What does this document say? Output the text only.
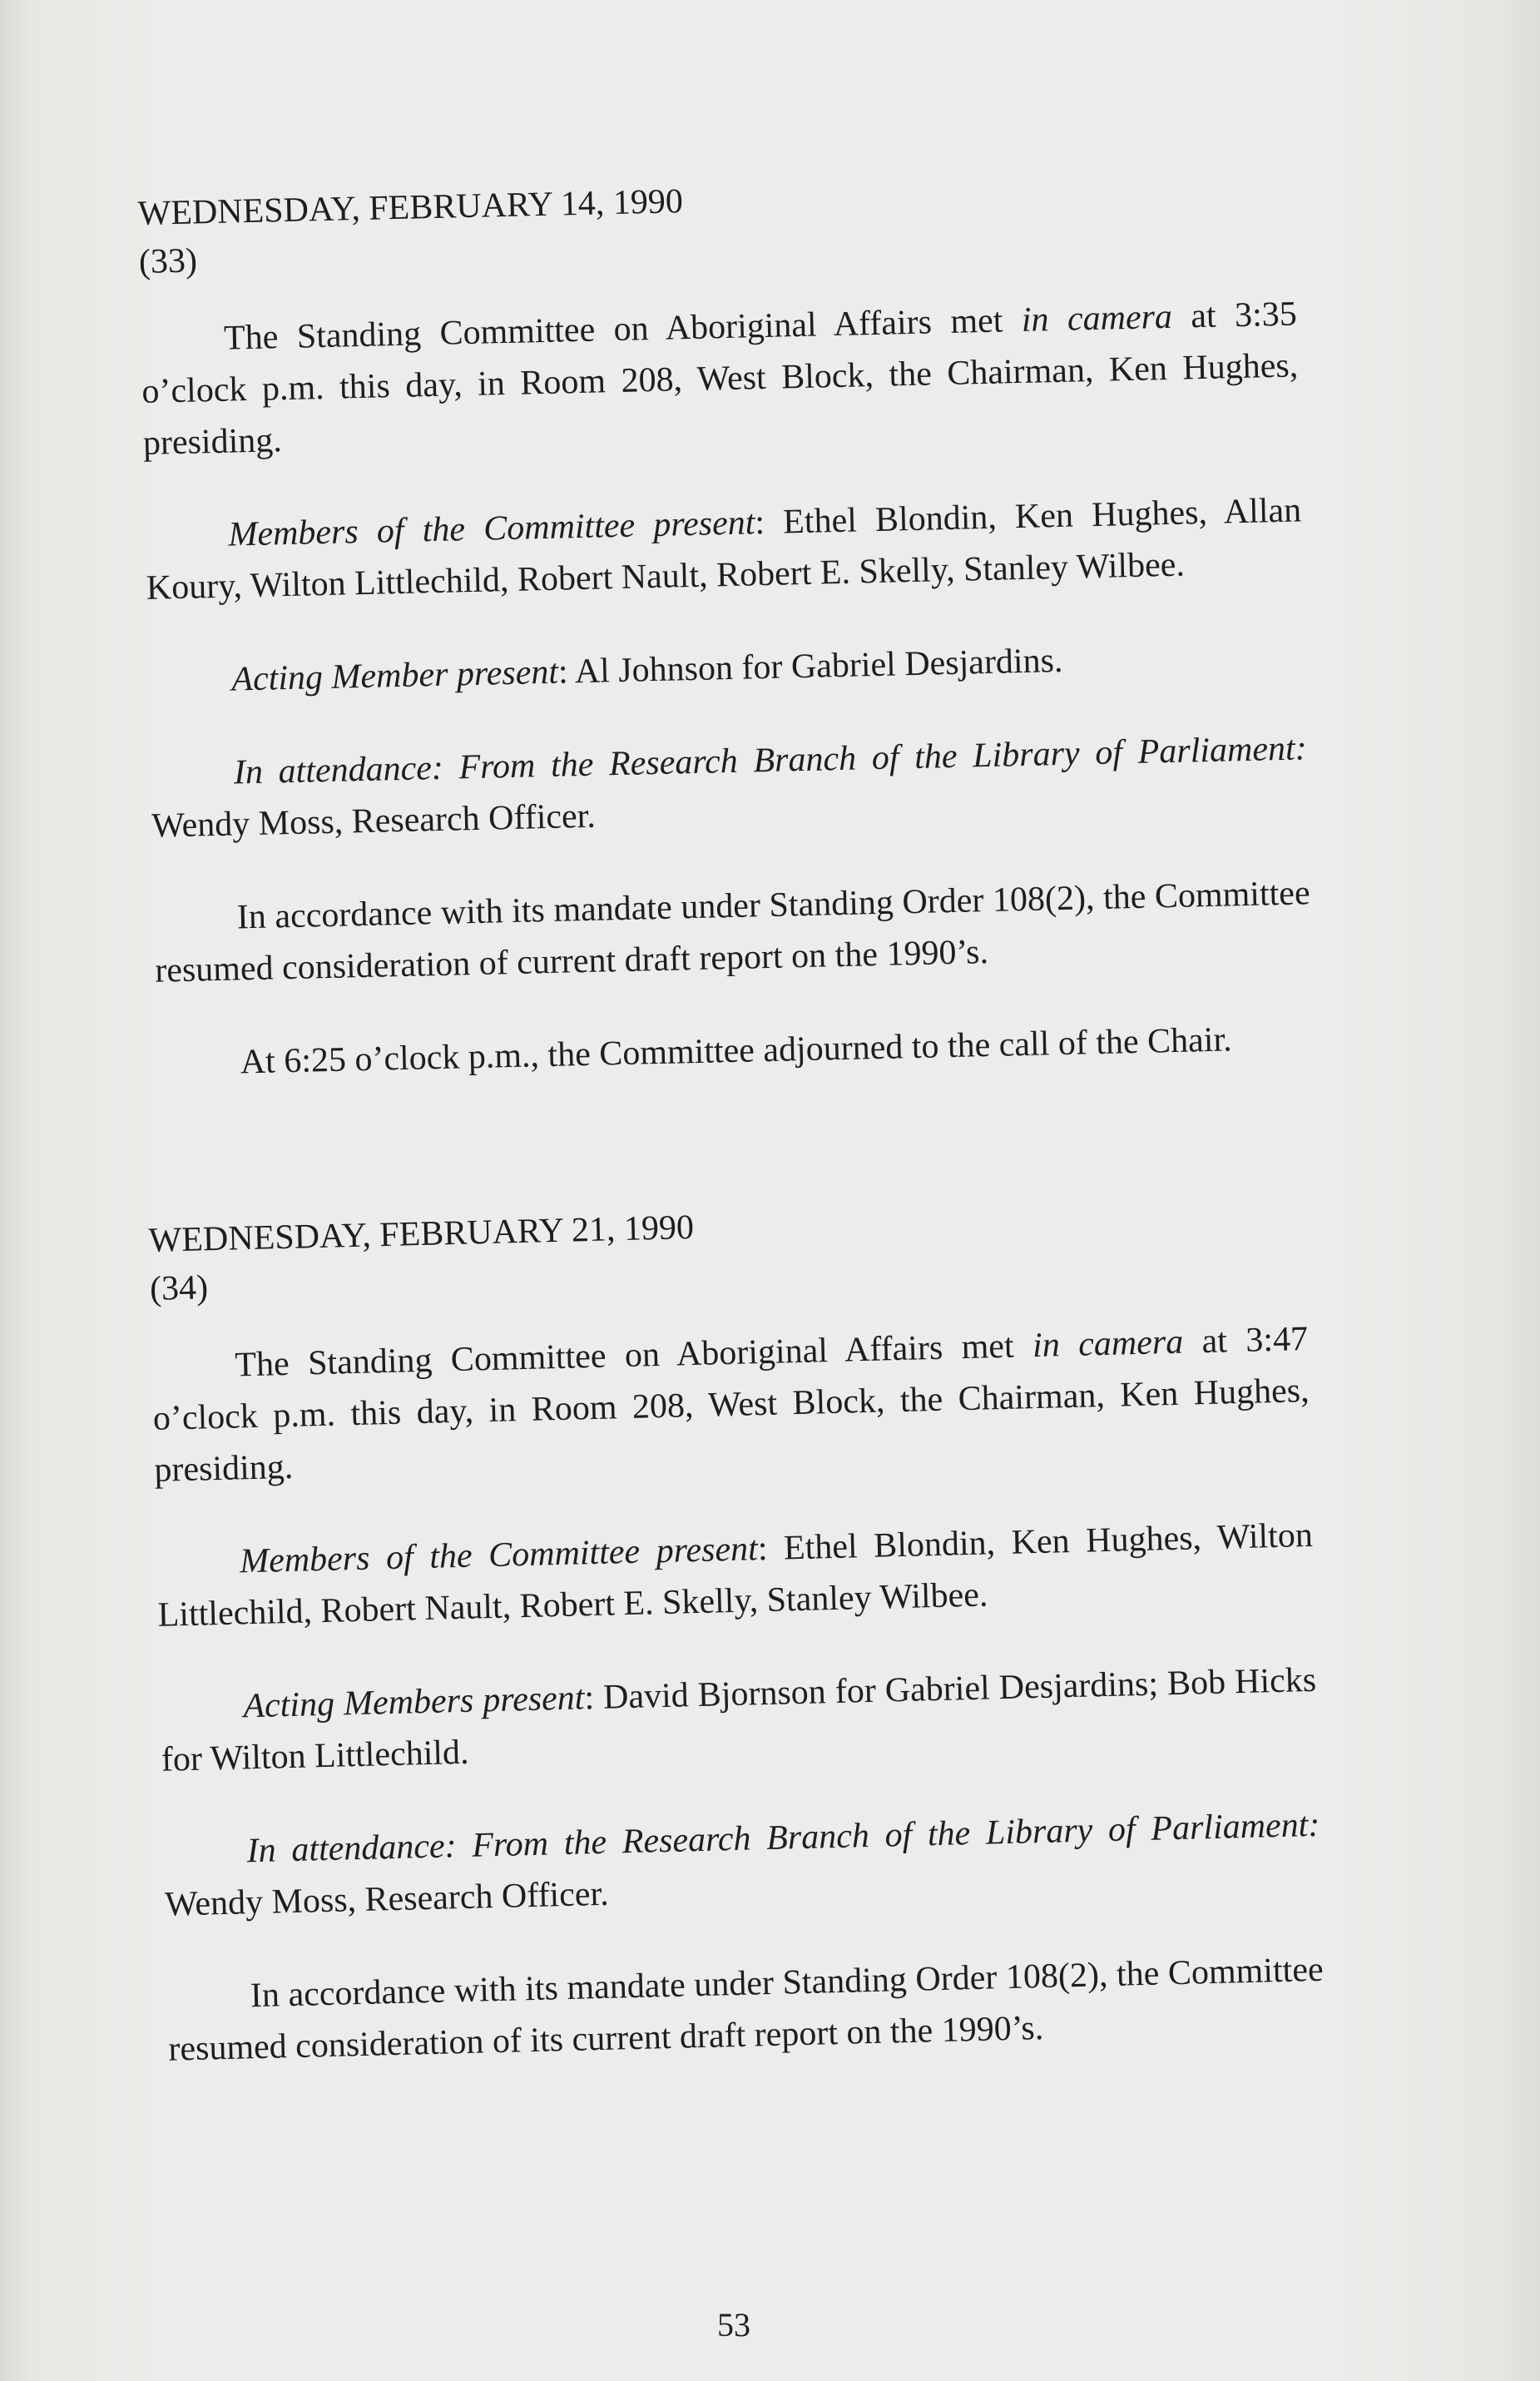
WEDNESDAY, FEBRUARY 14, 1990

(33)

The Standing Committee on Aboriginal Affairs met in camera at 3:35 o’clock p.m. this day, in Room 208, West Block, the Chairman, Ken Hughes, presiding.

Members of the Committee present: Ethel Blondin, Ken Hughes, Allan Koury, Wilton Littlechild, Robert Nault, Robert E. Skelly, Stanley Wilbee.

Acting Member present: Al Johnson for Gabriel Desjardins.

In attendance: From the Research Branch of the Library of Parliament: Wendy Moss, Research Officer.

In accordance with its mandate under Standing Order 108(2), the Committee resumed consideration of current draft report on the 1990’s.

At 6:25 o’clock p.m., the Committee adjourned to the call of the Chair.

WEDNESDAY, FEBRUARY 21, 1990

(34)

The Standing Committee on Aboriginal Affairs met in camera at 3:47 o’clock p.m. this day, in Room 208, West Block, the Chairman, Ken Hughes, presiding.

Members of the Committee present: Ethel Blondin, Ken Hughes, Wilton Littlechild, Robert Nault, Robert E. Skelly, Stanley Wilbee.

Acting Members present: David Bjornson for Gabriel Desjardins; Bob Hicks for Wilton Littlechild.

In attendance: From the Research Branch of the Library of Parliament: Wendy Moss, Research Officer.

In accordance with its mandate under Standing Order 108(2), the Committee resumed consideration of its current draft report on the 1990’s.

53
